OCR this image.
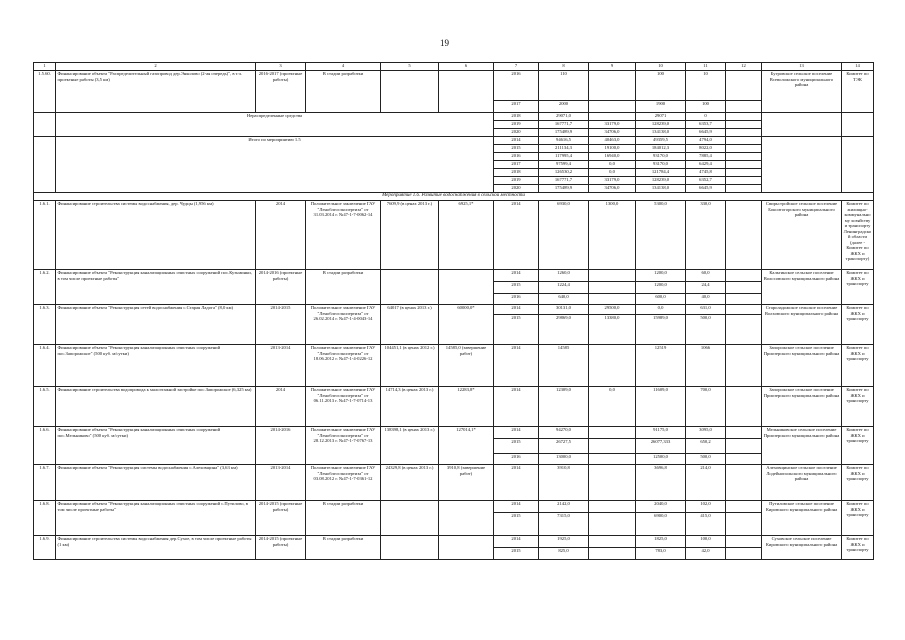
19
1	2	3	4	5	6	7	8	9	10	11	12	13	14
1.5.60.	Финансирование объекта "Распределительный газопровод дер.Энколово (2-ая очередь)", в т.ч. проектные работы (3,5 км)	2016-2017 (проектные работы)	В стадии разработки			2016	110		100	10		Бугровское сельское поселение Всеволожского муниципального района	Комитет по ТЭК
						2017	2000		1900	100			
	Нераспределенные средства					2018	29071,0		29071	0			
						2019	167771,7	33179,0	128239,0	6353,7			
						2020	175489,9	34706,0	134138,0	6645,9			
	Итого по мероприятию 1.5					2014	94616,5	40463,0	49359,5	4794,0			
						2015	211134,3	19100,0	184012,3	8022,0			
						2016	117995,4	16940,0	93170,0	7885,4			
						2017	97599,4	0,0	93170,0	6429,4			
						2018	126530,2	0,0	121784,4	4745,8			
						2019	167771,7	33179,0	128239,0	6352,7			
						2020	175489,9	34706,0	134138,0	6645,9			
Мероприятие 1.6. Развитие водоснабжения в сельской местности													
1.6.1.	Финансирование строительства системы водоснабжения, дер. Чудцы (1,956 км)	2014	Положительное заключение ГАУ "Леноблгосэкспертиза" от 31.03.2014 г. №47-1-7-0062-14	7609,9 (в ценах 2013 г.)	6925,1*	2014	6930,0	1300,0	5300,0	330,0		Свирьстройское сельское поселение Бокситогорского муниципального района	Комитет по жилищно-коммунальному хозяйству и транспорту Ленинградской области (далее - Комитет по ЖКХ и транспорту)
1.6.2.	Финансирование объекта "Реконструкция канализационных очистных сооружений пос.Кузьминки, в том числе проектные работы"	2014-2016 (проектные работы)	В стадии разработки			2014	1260,0		1200,0	60,0		Кальтинское сельское поселение Волосовского муниципального района	Комитет по ЖКХ и транспорту
						2015	1224,4		1200,0	24,4			
						2016	640,0		600,0	40,0			
1.6.3.	Финансирование объекта "Реконструкция сетей водоснабжения с.Старая Ладога" (8,0 км)	2014-2015	Положительное заключение ГАУ "Леноблгосэкспертиза" от 26.02.2014 г. №47-1-4-0043-14	64017 (в ценах 2013 г.)	60000,0*	2014	30131,0	29500,0	0,0	631,0		Староладожское сельское поселение Волховского муниципального района	Комитет по ЖКХ и транспорту
						2015	29869,0	13380,0	15989,0	500,0			
1.6.4.	Финансирование объекта "Реконструкция канализационных очистных сооружений пос.Запорожское" (500 куб. м/сутки)	2013-2014	Положительное заключение ГАУ "Леноблгосэкспертиза" от 18.06.2012 г. №47-1-4-0226-12	104451,1 (в ценах 2012 г.)	14585,0 (завершение работ)	2014	14585		12519	1066		Запорожское сельское поселение Приозерского муниципального района	Комитет по ЖКХ и транспорту
1.6.5.	Финансирование строительства водопровода к малоэтажной застройке пос.Запорожское (6,325 км)	2014	Положительное заключение ГАУ "Леноблгосэкспертиза" от 06.11.2013 г. №47-1-7-0714-13	14714,3 (в ценах 2013 г.)	12283,8*	2014	12309,0	0,0	11609,0	700,0		Запорожское сельское поселение Приозерского муниципального района	Комитет по ЖКХ и транспорту
1.6.6.	Финансирование объекта "Реконструкция канализационных очистных сооружений пос.Мельниково" (500 куб. м/сутки)	2014-2016	Положительное заключение ГАУ "Леноблгосэкспертиза" от 28.12.2013 г. №47-1-7-0767-13	138398,1 (в ценах 2013 г.)	127014,1*	2014	94270,0		91175,0	3095,0		Мельниковское сельское поселение Приозерского муниципального района	Комитет по ЖКХ и транспорту
						2015	26727,5		26077,333	650,2			
						2016	13000,0		12500,0	500,0			
1.6.7.	Финансирование объекта "Реконструкция системы водоснабжения с.Алеховщина" (3,63 км)	2013-2014	Положительное заключение ГАУ "Леноблгосэкспертиза" от 03.08.2012 г. №47-1-7-0361-12	24329,8 (в ценах 2013 г.)	3910,8 (завершение работ)	2014	3910,8		3696,8	214,0		Алеховщинское сельское поселение Лодейнопольского муниципального района	Комитет по ЖКХ и транспорту
1.6.8.	Финансирование объекта "Реконструкция канализационных очистных сооружений с.Путилово, в том числе проектные работы"	2014-2015 (проектные работы)	В стадии разработки			2014	2142,0		2040,0	102,0		Путиловское сельское поселение Кировского муниципального района	Комитет по ЖКХ и транспорту
						2015	7315,0		6900,0	415,0			
1.6.9.	Финансирование строительства системы водоснабжения дер.Сухое, в том числе проектные работы (1 км)	2014-2015 (проектные работы)	В стадии разработки			2014	1925,0		1825,0	100,0		Суховское сельское поселение Кировского муниципального района	Комитет по ЖКХ и транспорту
						2015	825,0		783,0	42,0			
